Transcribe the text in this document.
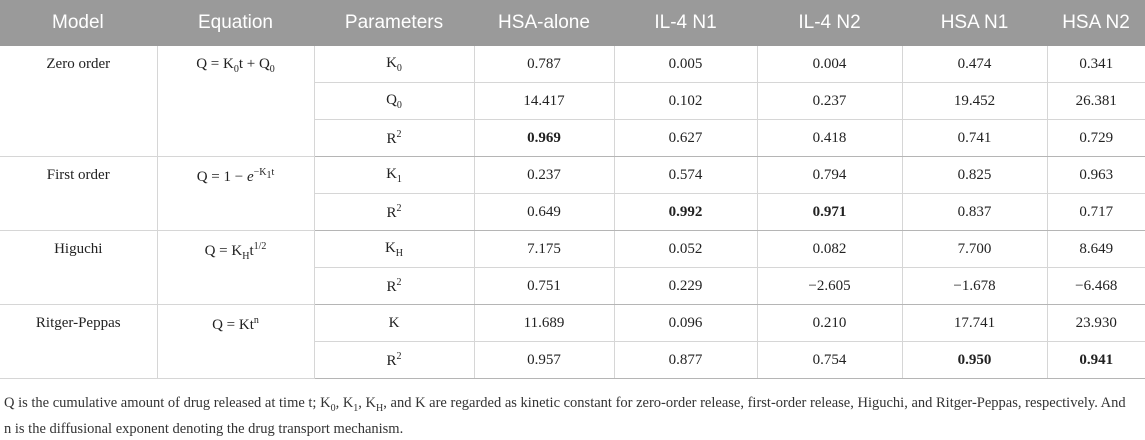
Model	Equation	Parameters	HSA-alone	IL-4 N1	IL-4 N2	HSA N1	HSA N2
Zero order	$Q = K_0t + Q_0$	$K_0$	0.787	0.005	0.004	0.474	0.341
		$Q_0$	14.417	0.102	0.237	19.452	26.381
		$R^2$	0.969	0.627	0.418	0.741	0.729
First order	$Q = 1 - e^{-K_1t}$	$K_1$	0.237	0.574	0.794	0.825	0.963
		$R^2$	0.649	0.992	0.971	0.837	0.717
Higuchi	$Q = K_Ht^{1/2}$	$K_H$	7.175	0.052	0.082	7.700	8.649
		$R^2$	0.751	0.229	−2.605	−1.678	−6.468
Ritger-Peppas	$Q = Kt^n$	K	11.689	0.096	0.210	17.741	23.930
		$R^2$	0.957	0.877	0.754	0.950	0.941
Q is the cumulative amount of drug released at time t; $K_0$, $K_1$, $K_H$, and K are regarded as kinetic constant for zero-order release, first-order release, Higuchi, and Ritger-Peppas, respectively. And
n is the diffusional exponent denoting the drug transport mechanism.
